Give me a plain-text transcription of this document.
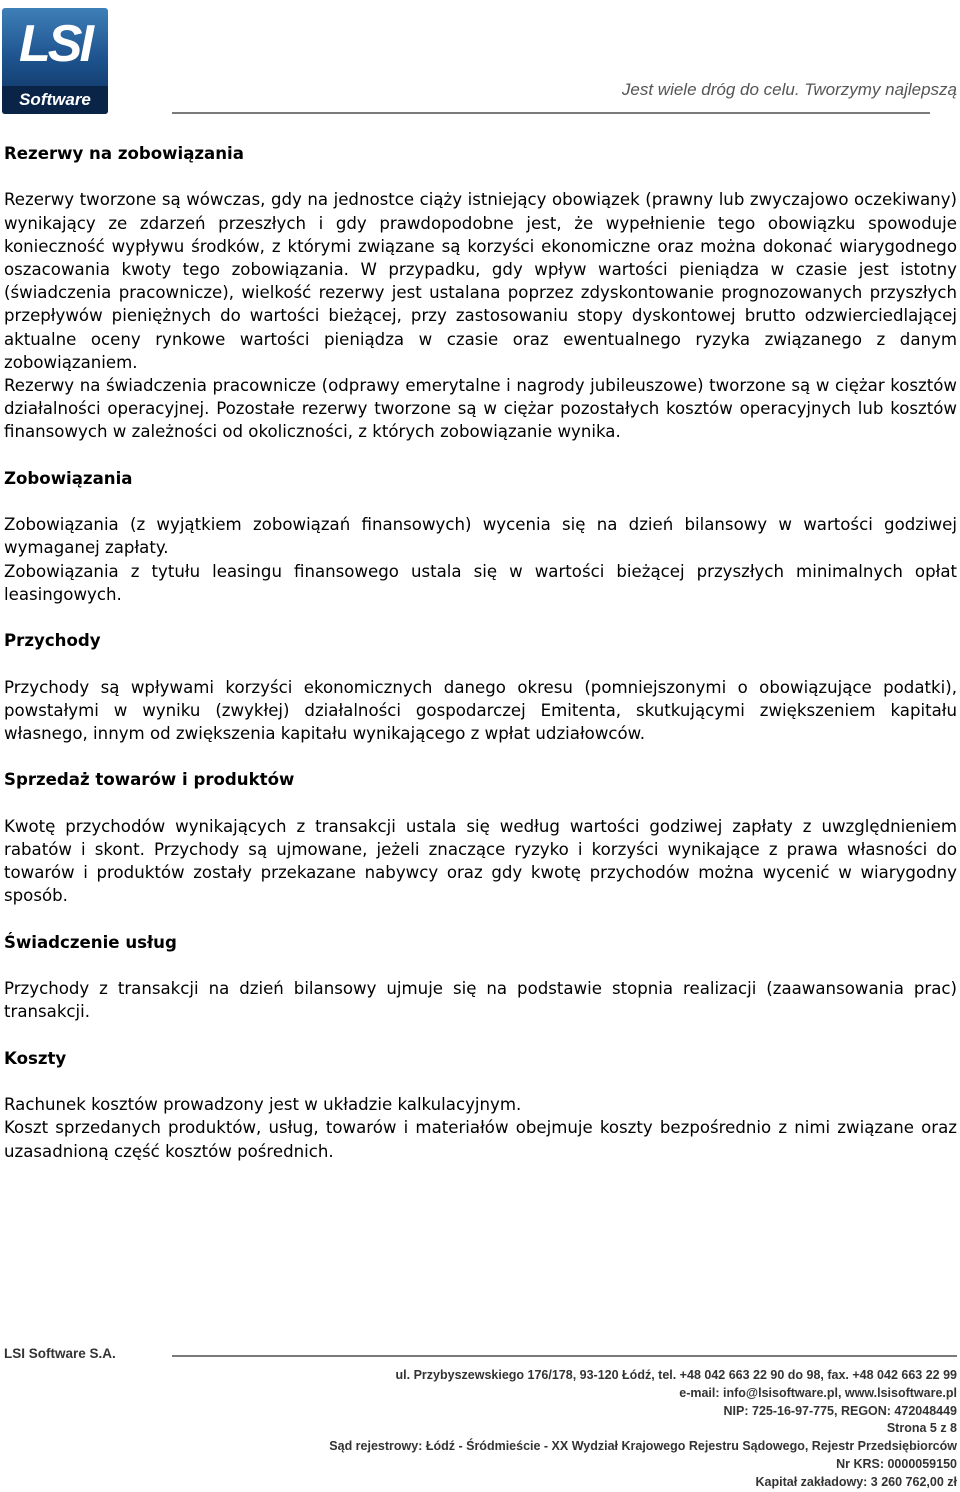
LSI
Software
Jest wiele dróg do celu. Tworzymy najlepszą
Rezerwy na zobowiązania

Rezerwy tworzone są wówczas, gdy na jednostce ciąży istniejący obowiązek (prawny lub zwyczajowo oczekiwany) wynikający ze zdarzeń przeszłych i gdy prawdopodobne jest, że wypełnienie tego obowiązku spowoduje konieczność wypływu środków, z którymi związane są korzyści ekonomiczne oraz można dokonać wiarygodnego oszacowania kwoty tego zobowiązania. W przypadku, gdy wpływ wartości pieniądza w czasie jest istotny (świadczenia pracownicze), wielkość rezerwy jest ustalana poprzez zdyskontowanie prognozowanych przyszłych przepływów pieniężnych do wartości bieżącej, przy zastosowaniu stopy dyskontowej brutto odzwierciedlającej aktualne oceny rynkowe wartości pieniądza w czasie oraz ewentualnego ryzyka związanego z danym zobowiązaniem.

Rezerwy na świadczenia pracownicze (odprawy emerytalne i nagrody jubileuszowe) tworzone są w ciężar kosztów działalności operacyjnej. Pozostałe rezerwy tworzone są w ciężar pozostałych kosztów operacyjnych lub kosztów finansowych w zależności od okoliczności, z których zobowiązanie wynika.

Zobowiązania

Zobowiązania (z wyjątkiem zobowiązań finansowych) wycenia się na dzień bilansowy w wartości godziwej wymaganej zapłaty.

Zobowiązania z tytułu leasingu finansowego ustala się w wartości bieżącej przyszłych minimalnych opłat leasingowych.

Przychody

Przychody są wpływami korzyści ekonomicznych danego okresu (pomniejszonymi o obowiązujące podatki), powstałymi w wyniku (zwykłej) działalności gospodarczej Emitenta, skutkującymi zwiększeniem kapitału własnego, innym od zwiększenia kapitału wynikającego z wpłat udziałowców.

Sprzedaż towarów i produktów

Kwotę przychodów wynikających z transakcji ustala się według wartości godziwej zapłaty z uwzględnieniem rabatów i skont. Przychody są ujmowane, jeżeli znaczące ryzyko i korzyści wynikające z prawa własności do towarów i produktów zostały przekazane nabywcy oraz gdy kwotę przychodów można wycenić w wiarygodny sposób.

Świadczenie usług

Przychody z transakcji na dzień bilansowy ujmuje się na podstawie stopnia realizacji (zaawansowania prac) transakcji.

Koszty

Rachunek kosztów prowadzony jest w układzie kalkulacyjnym.

Koszt sprzedanych produktów, usług, towarów i materiałów obejmuje koszty bezpośrednio z nimi związane oraz uzasadnioną część kosztów pośrednich.

LSI Software S.A.
ul. Przybyszewskiego 176/178, 93-120 Łódź, tel. +48 042 663 22 90 do 98, fax. +48 042 663 22 99
e-mail: info@lsisoftware.pl, www.lsisoftware.pl
NIP: 725-16-97-775, REGON: 472048449
Strona 5 z 8
Sąd rejestrowy: Łódź - Śródmieście - XX Wydział Krajowego Rejestru Sądowego, Rejestr Przedsiębiorców
Nr KRS: 0000059150
Kapitał zakładowy: 3 260 762,00 zł
